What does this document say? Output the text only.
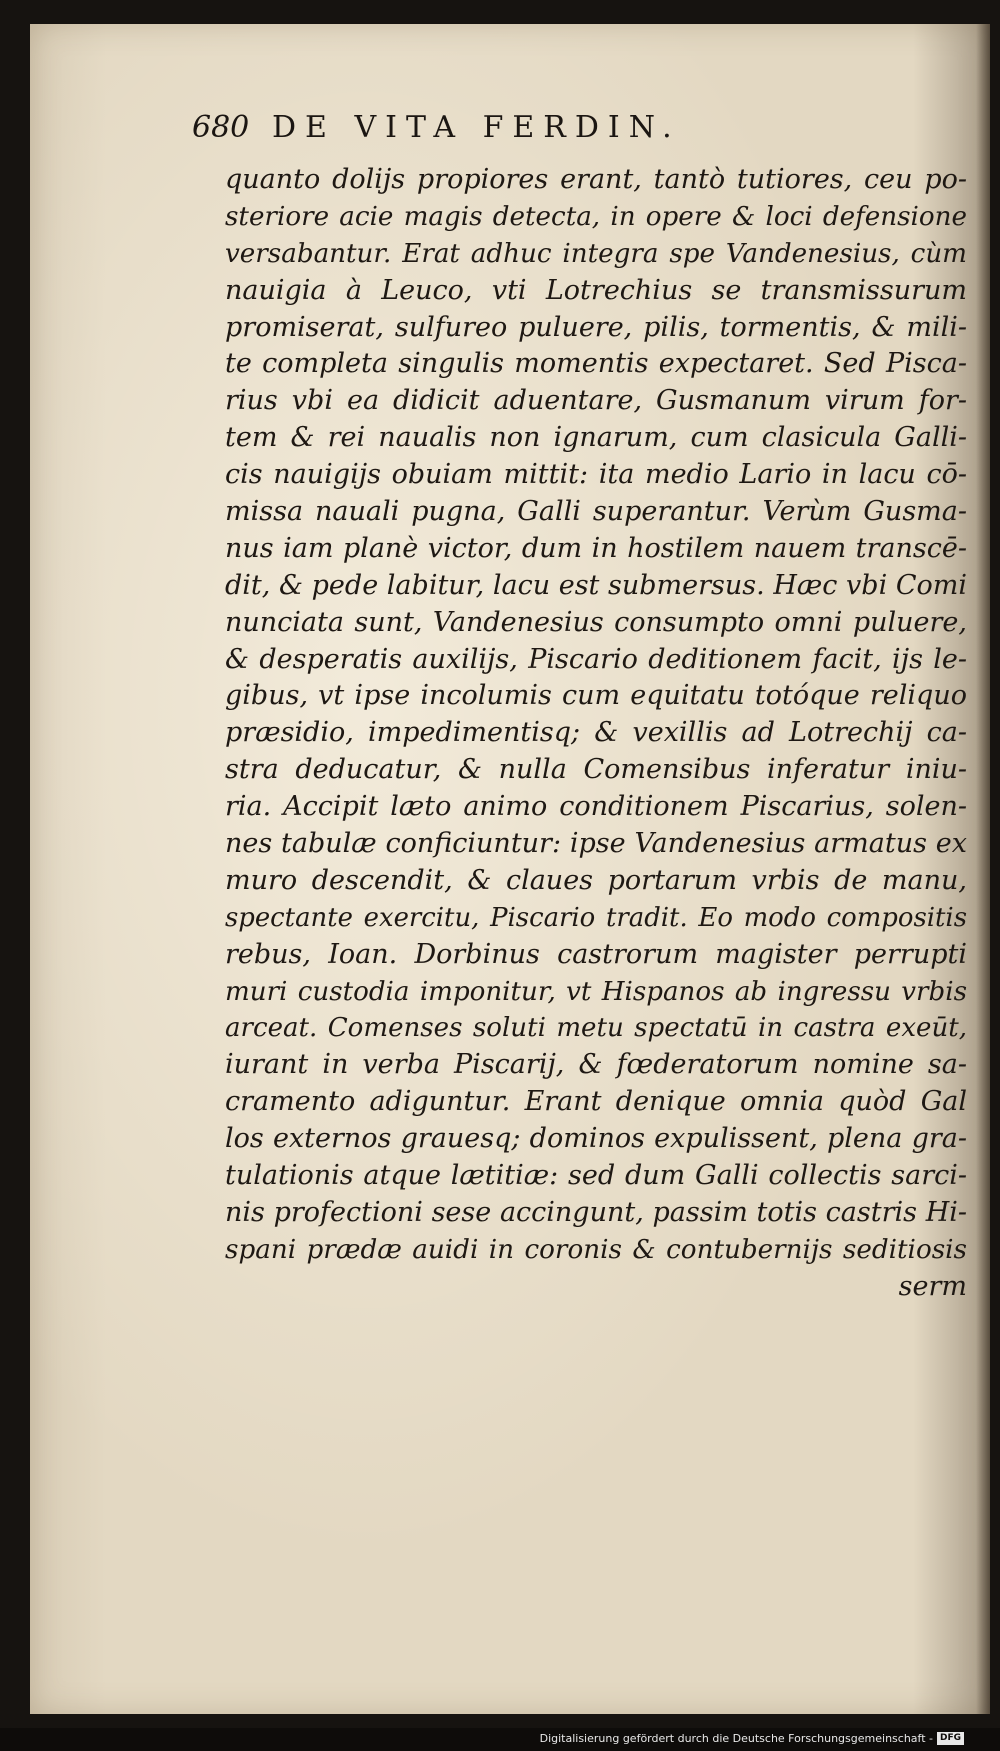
680 DE VITA FERDIN.
quanto doliјs propiores erant, tantò tutiores, ceu po-
steriore acie magis detecta, in opere & loci defensione
versabantur. Erat adhuc integra spe Vandenesius, cùm
nauigia à Leuco, vti Lotrechius se transmissurum
promiserat, sulfureo puluere, pilis, tormentis, & mili-
te completa singulis momentis expectaret. Sed Pisca-
rius vbi ea didicit aduentare, Gusmanum virum for-
tem & rei naualis non ignarum, cum clasicula Galli-
cis nauigijs obuiam mittit: ita medio Lario in lacu cō-
missa nauali pugna, Galli superantur. Verùm Gusma-
nus iam planè victor, dum in hostilem nauem transcē-
dit, & pede labitur, lacu est submersus. Hæc vbi Comi
nunciata sunt, Vandenesius consumpto omni puluere,
& desperatis auxilijs, Piscario deditionem facit, ijs le-
gibus, vt ipse incolumis cum equitatu totóque reliquo
præsidio, impedimentisq; & vexillis ad Lotrechij ca-
stra deducatur, & nulla Comensibus inferatur iniu-
ria. Accipit læto animo conditionem Piscarius, solen-
nes tabulæ conficiuntur: ipse Vandenesius armatus ex
muro descendit, & claues portarum vrbis de manu,
spectante exercitu, Piscario tradit. Eo modo compositis
rebus, Ioan. Dorbinus castrorum magister perrupti
muri custodia imponitur, vt Hispanos ab ingressu vrbis
arceat. Comenses soluti metu spectatū in castra exeūt,
iurant in verba Piscarij, & fœderatorum nomine sa-
cramento adiguntur. Erant denique omnia quòd Gal
los externos grauesq; dominos expulissent, plena gra-
tulationis atque lætitiæ: sed dum Galli collectis sarci-
nis profectioni sese accingunt, passim totis castris Hi-
spani prædæ auidi in coronis & contubernijs seditiosis
serm
Digitalisierung gefördert durch die Deutsche Forschungsgemeinschaft - DFG
